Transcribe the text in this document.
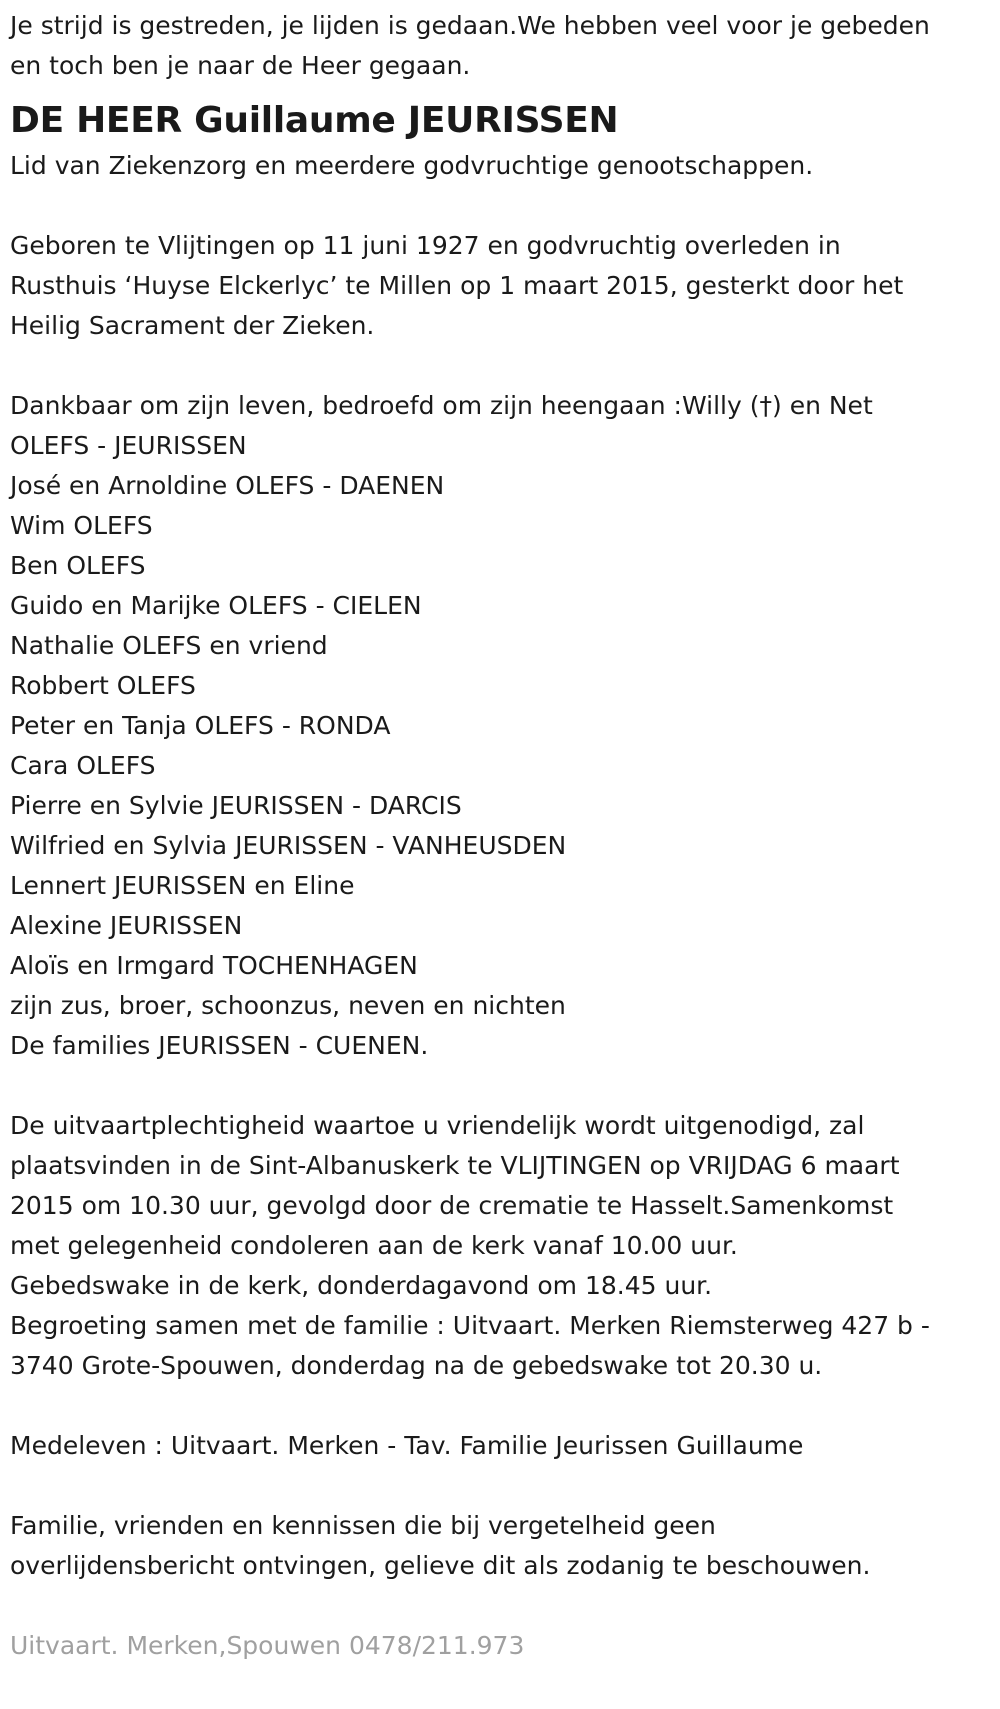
Je strijd is gestreden, je lijden is gedaan.We hebben veel voor je gebeden
en toch ben je naar de Heer gegaan.
DE HEER Guillaume JEURISSEN
Lid van Ziekenzorg en meerdere godvruchtige genootschappen.
Geboren te Vlijtingen op 11 juni 1927 en godvruchtig overleden in
Rusthuis ‘Huyse Elckerlyc’ te Millen op 1 maart 2015, gesterkt door het
Heilig Sacrament der Zieken.
Dankbaar om zijn leven, bedroefd om zijn heengaan :Willy (†) en Net
OLEFS - JEURISSEN
José en Arnoldine OLEFS - DAENEN
Wim OLEFS
Ben OLEFS
Guido en Marijke OLEFS - CIELEN
Nathalie OLEFS en vriend
Robbert OLEFS
Peter en Tanja OLEFS - RONDA
Cara OLEFS
Pierre en Sylvie JEURISSEN - DARCIS
Wilfried en Sylvia JEURISSEN - VANHEUSDEN
Lennert JEURISSEN en Eline
Alexine JEURISSEN
Aloïs en Irmgard TOCHENHAGEN
zijn zus, broer, schoonzus, neven en nichten
De families JEURISSEN - CUENEN.
De uitvaartplechtigheid waartoe u vriendelijk wordt uitgenodigd, zal
plaatsvinden in de Sint-Albanuskerk te VLIJTINGEN op VRIJDAG 6 maart
2015 om 10.30 uur, gevolgd door de crematie te Hasselt.Samenkomst
met gelegenheid condoleren aan de kerk vanaf 10.00 uur.
Gebedswake in de kerk, donderdagavond om 18.45 uur.
Begroeting samen met de familie : Uitvaart. Merken Riemsterweg 427 b -
3740 Grote-Spouwen, donderdag na de gebedswake tot 20.30 u.
Medeleven : Uitvaart. Merken - Tav. Familie Jeurissen Guillaume
Familie, vrienden en kennissen die bij vergetelheid geen
overlijdensbericht ontvingen, gelieve dit als zodanig te beschouwen.
Uitvaart. Merken,Spouwen 0478/211.973
